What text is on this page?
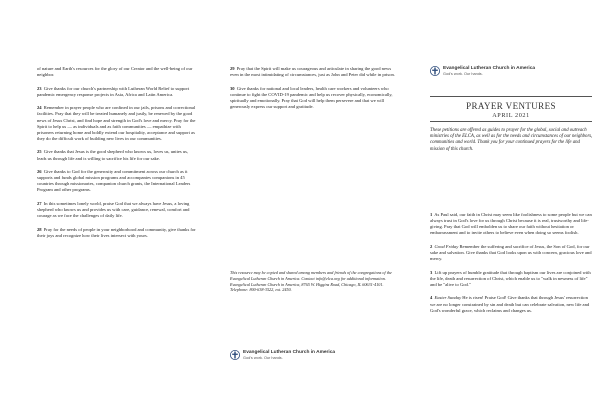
of nature and Earth's resources for the glory of our Creator and the well-being of our neighbor.

23 Give thanks for our church's partnership with Lutheran World Relief to support pandemic emergency response projects in Asia, Africa and Latin America.

24 Remember in prayer people who are confined in our jails, prisons and correctional facilities. Pray that they will be treated humanely and justly, be renewed by the good news of Jesus Christ, and find hope and strength in God's love and mercy. Pray for the Spirit to help us — as individuals and as faith communities — empathize with prisoners returning home and boldly extend our hospitality, acceptance and support as they do the difficult work of building new lives in our communities.

25 Give thanks that Jesus is the good shepherd who knows us, loves us, unites us, leads us through life and is willing to sacrifice his life for our sake.

26 Give thanks to God for the generosity and commitment across our church as it supports and funds global mission programs and accompanies companions in 45 countries through missionaries, companion church grants, the International Leaders Program and other programs.

27 In this sometimes lonely world, praise God that we always have Jesus, a loving shepherd who knows us and provides us with care, guidance, renewal, comfort and courage as we face the challenges of daily life.

28 Pray for the needs of people in your neighborhood and community, give thanks for their joys and recognize how their lives intersect with yours.

29 Pray that the Spirit will make us courageous and articulate in sharing the good news even in the most intimidating of circumstances, just as John and Peter did while in prison.

30 Give thanks for national and local leaders, health care workers and volunteers who continue to fight the COVID-19 pandemic and help us recover physically, economically, spiritually and emotionally. Pray that God will help them persevere and that we will generously express our support and gratitude.

This resource may be copied and shared among members and friends of the congregations of the Evangelical Lutheran Church in America. Contact info@elca.org for additional information. Evangelical Lutheran Church in America, 8765 W. Higgins Road, Chicago, IL 60631-4101. Telephone: 800-638-3522, ext. 2450.

Evangelical Lutheran Church in America
God's work. Our hands.
Evangelical Lutheran Church in America
God's work. Our hands.
PRAYER VENTURES
APRIL 2021

These petitions are offered as guides to prayer for the global, social and outreach ministries of the ELCA, as well as for the needs and circumstances of our neighbors, communities and world. Thank you for your continued prayers for the life and mission of this church.

1 As Paul said, our faith in Christ may seem like foolishness to some people but we can always trust in God's love for us through Christ because it is real, trustworthy and life-giving. Pray that God will embolden us to share our faith without hesitation or embarrassment and to invite others to believe even when doing so seems foolish.

2 Good Friday Remember the suffering and sacrifice of Jesus, the Son of God, for our sake and salvation. Give thanks that God looks upon us with concern, gracious love and mercy.

3 Lift up prayers of humble gratitude that through baptism our lives are conjoined with the life, death and resurrection of Christ, which enable us to "walk in newness of life" and be "alive to God."

4 Easter Sunday He is risen! Praise God! Give thanks that through Jesus' resurrection we are no longer constrained by sin and death but can celebrate salvation, new life and God's wonderful grace, which reclaims and changes us.
